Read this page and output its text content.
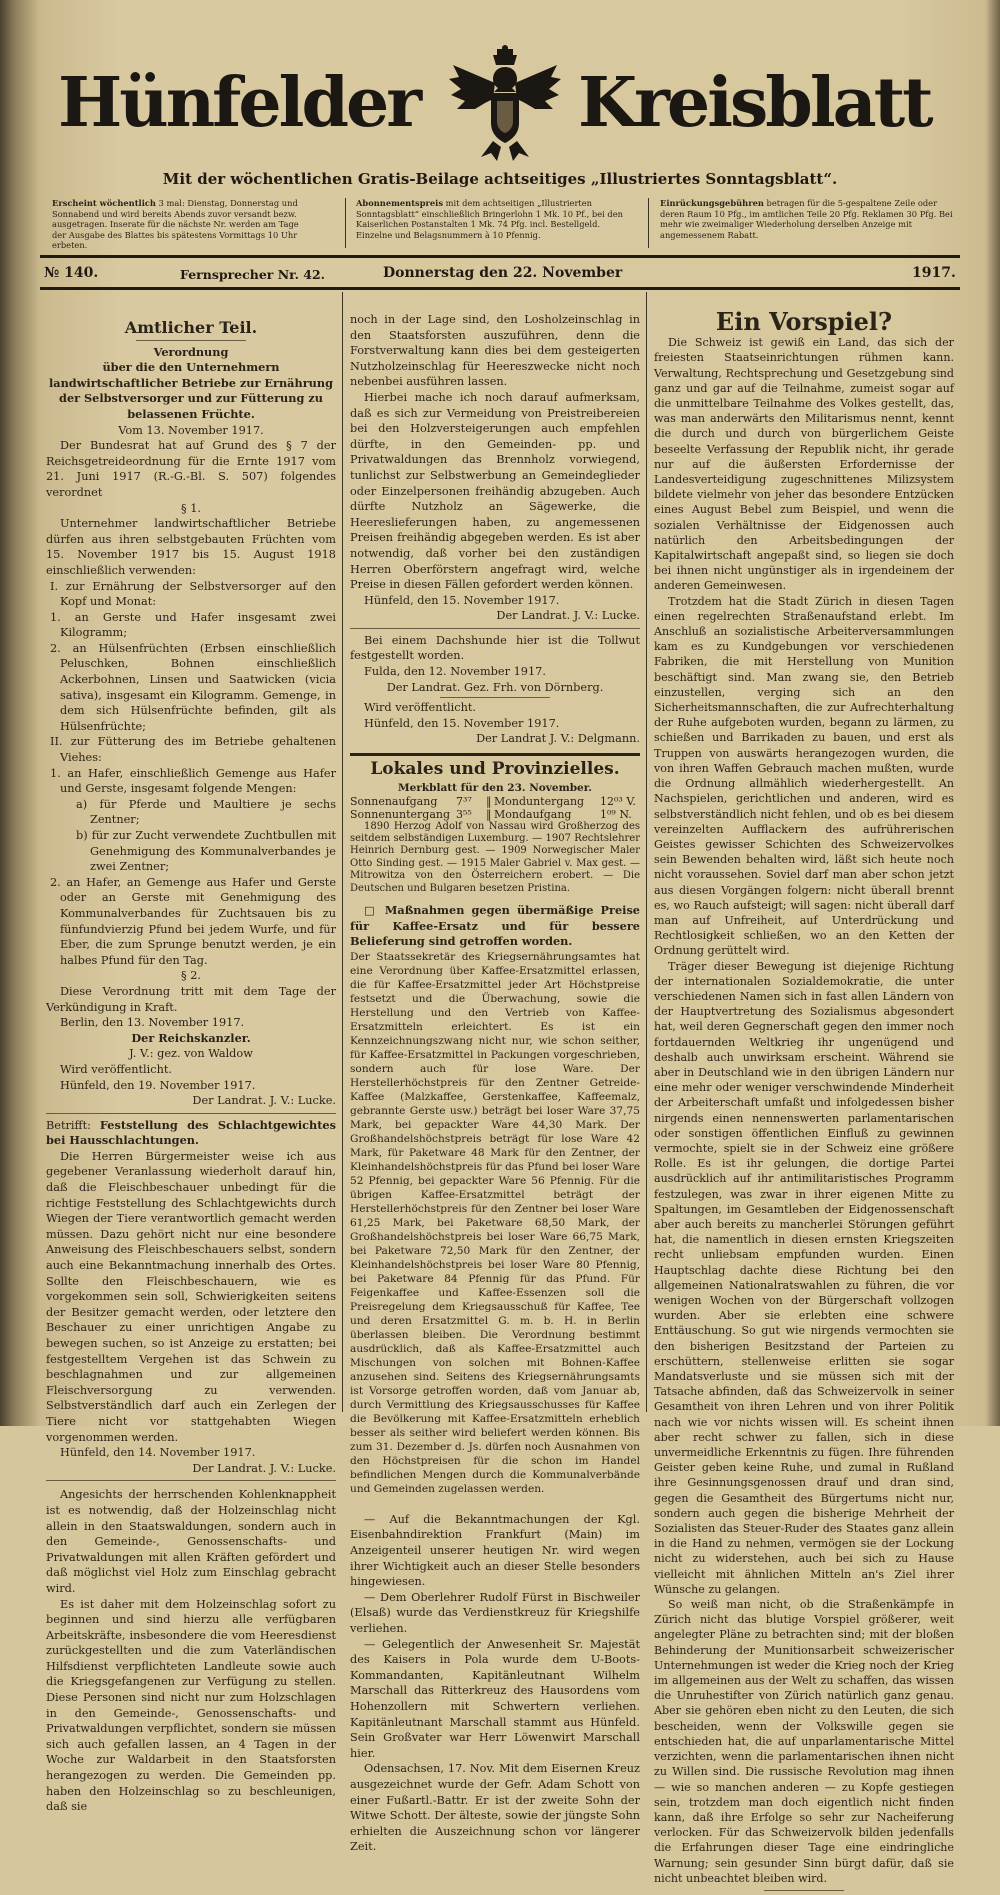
Hünfelder Kreisblatt
Mit der wöchentlichen Gratis-Beilage achtseitiges „Illustriertes Sonntagsblatt“.
Erscheint wöchentlich 3 mal: Dienstag, Donnerstag und Sonnabend und wird bereits Abends zuvor versandt bezw. ausgetragen. Inserate für die nächste Nr. werden am Tage der Ausgabe des Blattes bis spätestens Vormittags 10 Uhr erbeten.
Abonnementspreis mit dem achtseitigen „Illustrierten Sonntagsblatt“ einschließlich Bringerlohn 1 Mk. 10 Pf., bei den Kaiserlichen Postanstalten 1 Mk. 74 Pfg. incl. Bestellgeld. Einzelne und Belagsnummern à 10 Pfennig.
Einrückungsgebühren betragen für die 5-gespaltene Zeile oder deren Raum 10 Pfg., im amtlichen Teile 20 Pfg. Reklamen 30 Pfg. Bei mehr wie zweimaliger Wiederholung derselben Anzeige mit angemessenem Rabatt.
№ 140.	Fernsprecher Nr. 42.	Donnerstag den 22. November	1917.
Amtlicher Teil.

Verordnung

über die den Unternehmern landwirtschaftlicher Betriebe zur Ernährung der Selbstversorger und zur Fütterung zu belassenen Früchte.

Vom 13. November 1917.

Der Bundesrat hat auf Grund des § 7 der Reichsgetreideordnung für die Ernte 1917 vom 21. Juni 1917 (R.-G.-Bl. S. 507) folgendes verordnet

§ 1.

Unternehmer landwirtschaftlicher Betriebe dürfen aus ihren selbstgebauten Früchten vom 15. November 1917 bis 15. August 1918 einschließlich verwenden:

I. zur Ernährung der Selbstversorger auf den Kopf und Monat:

1. an Gerste und Hafer insgesamt zwei Kilogramm;

2. an Hülsenfrüchten (Erbsen einschließlich Peluschken, Bohnen einschließlich Ackerbohnen, Linsen und Saatwicken (vicia sativa), insgesamt ein Kilogramm. Gemenge, in dem sich Hülsenfrüchte befinden, gilt als Hülsenfrüchte;

II. zur Fütterung des im Betriebe gehaltenen Viehes:

1. an Hafer, einschließlich Gemenge aus Hafer und Gerste, insgesamt folgende Mengen:

a) für Pferde und Maultiere je sechs Zentner;

b) für zur Zucht verwendete Zuchtbullen mit Genehmigung des Kommunalverbandes je zwei Zentner;

2. an Hafer, an Gemenge aus Hafer und Gerste oder an Gerste mit Genehmigung des Kommunalverbandes für Zuchtsauen bis zu fünfundvierzig Pfund bei jedem Wurfe, und für Eber, die zum Sprunge benutzt werden, je ein halbes Pfund für den Tag.

§ 2.

Diese Verordnung tritt mit dem Tage der Verkündigung in Kraft.

Berlin, den 13. November 1917.

Der Reichskanzler.

J. V.: gez. von Waldow

Wird veröffentlicht.

Hünfeld, den 19. November 1917.

Der Landrat. J. V.: Lucke.

Betrifft: Feststellung des Schlachtgewichtes bei Hausschlachtungen.

Die Herren Bürgermeister weise ich aus gegebener Veranlassung wiederholt darauf hin, daß die Fleischbeschauer unbedingt für die richtige Feststellung des Schlachtgewichts durch Wiegen der Tiere verantwortlich gemacht werden müssen. Dazu gehört nicht nur eine besondere Anweisung des Fleischbeschauers selbst, sondern auch eine Bekanntmachung innerhalb des Ortes. Sollte den Fleischbeschauern, wie es vorgekommen sein soll, Schwierigkeiten seitens der Besitzer gemacht werden, oder letztere den Beschauer zu einer unrichtigen Angabe zu bewegen suchen, so ist Anzeige zu erstatten; bei festgestelltem Vergehen ist das Schwein zu beschlagnahmen und zur allgemeinen Fleischversorgung zu verwenden. Selbstverständlich darf auch ein Zerlegen der Tiere nicht vor stattgehabten Wiegen vorgenommen werden.

Hünfeld, den 14. November 1917.

Der Landrat. J. V.: Lucke.

Angesichts der herrschenden Kohlenknappheit ist es notwendig, daß der Holzeinschlag nicht allein in den Staatswaldungen, sondern auch in den Gemeinde-, Genossenschafts- und Privatwaldungen mit allen Kräften gefördert und daß möglichst viel Holz zum Einschlag gebracht wird.

Es ist daher mit dem Holzeinschlag sofort zu beginnen und sind hierzu alle verfügbaren Arbeitskräfte, insbesondere die vom Heeresdienst zurückgestellten und die zum Vaterländischen Hilfsdienst verpflichteten Landleute sowie auch die Kriegsgefangenen zur Verfügung zu stellen. Diese Personen sind nicht nur zum Holzschlagen in den Gemeinde-, Genossenschafts- und Privatwaldungen verpflichtet, sondern sie müssen sich auch gefallen lassen, an 4 Tagen in der Woche zur Waldarbeit in den Staatsforsten herangezogen zu werden. Die Gemeinden pp. haben den Holzeinschlag so zu beschleunigen, daß sie

noch in der Lage sind, den Losholzeinschlag in den Staatsforsten auszuführen, denn die Forstverwaltung kann dies bei dem gesteigerten Nutzholzeinschlag für Heereszwecke nicht noch nebenbei ausführen lassen.

Hierbei mache ich noch darauf aufmerksam, daß es sich zur Vermeidung von Preistreibereien bei den Holzversteigerungen auch empfehlen dürfte, in den Gemeinden- pp. und Privatwaldungen das Brennholz vorwiegend, tunlichst zur Selbstwerbung an Gemeindeglieder oder Einzelpersonen freihändig abzugeben. Auch dürfte Nutzholz an Sägewerke, die Heereslieferungen haben, zu angemessenen Preisen freihändig abgegeben werden. Es ist aber notwendig, daß vorher bei den zuständigen Herren Oberförstern angefragt wird, welche Preise in diesen Fällen gefordert werden können.

Hünfeld, den 15. November 1917.

Der Landrat. J. V.: Lucke.

Bei einem Dachshunde hier ist die Tollwut festgestellt worden.

Fulda, den 12. November 1917.

Der Landrat. Gez. Frh. von Dörnberg.

Wird veröffentlicht.

Hünfeld, den 15. November 1917.

Der Landrat J. V.: Delgmann.

Lokales und Provinzielles.

Merkblatt für den 23. November.

Sonnenaufgang	7³⁷	‖ Monduntergang	12⁰³ V.
Sonnenuntergang 3⁵⁵	‖ Mondaufgang	1⁰⁹ N.

1890 Herzog Adolf von Nassau wird Großherzog des seitdem selbständigen Luxemburg. — 1907 Rechtslehrer Heinrich Dernburg gest. — 1909 Norwegischer Maler Otto Sinding gest. — 1915 Maler Gabriel v. Max gest. — Mitrowitza von den Österreichern erobert. — Die Deutschen und Bulgaren besetzen Pristina.

□ Maßnahmen gegen übermäßige Preise für Kaffee-Ersatz und für bessere Belieferung sind getroffen worden.

Der Staatssekretär des Kriegsernährungsamtes hat eine Verordnung über Kaffee-Ersatzmittel erlassen, die für Kaffee-Ersatzmittel jeder Art Höchstpreise festsetzt und die Überwachung, sowie die Herstellung und den Vertrieb von Kaffee-Ersatzmitteln erleichtert. Es ist ein Kennzeichnungszwang nicht nur, wie schon seither, für Kaffee-Ersatzmittel in Packungen vorgeschrieben, sondern auch für lose Ware. Der Herstellerhöchstpreis für den Zentner Getreide-Kaffee (Malzkaffee, Gerstenkaffee, Kaffeemalz, gebrannte Gerste usw.) beträgt bei loser Ware 37,75 Mark, bei gepackter Ware 44,30 Mark. Der Großhandelshöchstpreis beträgt für lose Ware 42 Mark, für Paketware 48 Mark für den Zentner, der Kleinhandelshöchstpreis für das Pfund bei loser Ware 52 Pfennig, bei gepackter Ware 56 Pfennig. Für die übrigen Kaffee-Ersatzmittel beträgt der Herstellerhöchstpreis für den Zentner bei loser Ware 61,25 Mark, bei Paketware 68,50 Mark, der Großhandelshöchstpreis bei loser Ware 66,75 Mark, bei Paketware 72,50 Mark für den Zentner, der Kleinhandelshöchstpreis bei loser Ware 80 Pfennig, bei Paketware 84 Pfennig für das Pfund. Für Feigenkaffee und Kaffee-Essenzen soll die Preisregelung dem Kriegsausschuß für Kaffee, Tee und deren Ersatzmittel G. m. b. H. in Berlin überlassen bleiben. Die Verordnung bestimmt ausdrücklich, daß als Kaffee-Ersatzmittel auch Mischungen von solchen mit Bohnen-Kaffee anzusehen sind. Seitens des Kriegsernährungsamts ist Vorsorge getroffen worden, daß vom Januar ab, durch Vermittlung des Kriegsausschusses für Kaffee die Bevölkerung mit Kaffee-Ersatzmitteln erheblich besser als seither wird beliefert werden können. Bis zum 31. Dezember d. Js. dürfen noch Ausnahmen von den Höchstpreisen für die schon im Handel befindlichen Mengen durch die Kommunalverbände und Gemeinden zugelassen werden.

— Auf die Bekanntmachungen der Kgl. Eisenbahndirektion Frankfurt (Main) im Anzeigenteil unserer heutigen Nr. wird wegen ihrer Wichtigkeit auch an dieser Stelle besonders hingewiesen.

— Dem Oberlehrer Rudolf Fürst in Bischweiler (Elsaß) wurde das Verdienstkreuz für Kriegshilfe verliehen.

— Gelegentlich der Anwesenheit Sr. Majestät des Kaisers in Pola wurde dem U-Boots-Kommandanten, Kapitänleutnant Wilhelm Marschall das Ritterkreuz des Hausordens vom Hohenzollern mit Schwertern verliehen. Kapitänleutnant Marschall stammt aus Hünfeld. Sein Großvater war Herr Löwenwirt Marschall hier.

Odensachsen, 17. Nov. Mit dem Eisernen Kreuz ausgezeichnet wurde der Gefr. Adam Schott von einer Fußartl.-Battr. Er ist der zweite Sohn der Witwe Schott. Der älteste, sowie der jüngste Sohn erhielten die Auszeichnung schon vor längerer Zeit.

Ein Vorspiel?

Die Schweiz ist gewiß ein Land, das sich der freiesten Staatseinrichtungen rühmen kann. Verwaltung, Rechtsprechung und Gesetzgebung sind ganz und gar auf die Teilnahme, zumeist sogar auf die unmittelbare Teilnahme des Volkes gestellt, das, was man anderwärts den Militarismus nennt, kennt die durch und durch von bürgerlichem Geiste beseelte Verfassung der Republik nicht, ihr gerade nur auf die äußersten Erfordernisse der Landesverteidigung zugeschnittenes Milizsystem bildete vielmehr von jeher das besondere Entzücken eines August Bebel zum Beispiel, und wenn die sozialen Verhältnisse der Eidgenossen auch natürlich den Arbeitsbedingungen der Kapitalwirtschaft angepaßt sind, so liegen sie doch bei ihnen nicht ungünstiger als in irgendeinem der anderen Gemeinwesen.

Trotzdem hat die Stadt Zürich in diesen Tagen einen regelrechten Straßenaufstand erlebt. Im Anschluß an sozialistische Arbeiterversammlungen kam es zu Kundgebungen vor verschiedenen Fabriken, die mit Herstellung von Munition beschäftigt sind. Man zwang sie, den Betrieb einzustellen, verging sich an den Sicherheitsmannschaften, die zur Aufrechterhaltung der Ruhe aufgeboten wurden, begann zu lärmen, zu schießen und Barrikaden zu bauen, und erst als Truppen von auswärts herangezogen wurden, die von ihren Waffen Gebrauch machen mußten, wurde die Ordnung allmählich wiederhergestellt. An Nachspielen, gerichtlichen und anderen, wird es selbstverständlich nicht fehlen, und ob es bei diesem vereinzelten Aufflackern des aufrührerischen Geistes gewisser Schichten des Schweizervolkes sein Bewenden behalten wird, läßt sich heute noch nicht voraussehen. Soviel darf man aber schon jetzt aus diesen Vorgängen folgern: nicht überall brennt es, wo Rauch aufsteigt; will sagen: nicht überall darf man auf Unfreiheit, auf Unterdrückung und Rechtlosigkeit schließen, wo an den Ketten der Ordnung gerüttelt wird.

Träger dieser Bewegung ist diejenige Richtung der internationalen Sozialdemokratie, die unter verschiedenen Namen sich in fast allen Ländern von der Hauptvertretung des Sozialismus abgesondert hat, weil deren Gegnerschaft gegen den immer noch fortdauernden Weltkrieg ihr ungenügend und deshalb auch unwirksam erscheint. Während sie aber in Deutschland wie in den übrigen Ländern nur eine mehr oder weniger verschwindende Minderheit der Arbeiterschaft umfaßt und infolgedessen bisher nirgends einen nennenswerten parlamentarischen oder sonstigen öffentlichen Einfluß zu gewinnen vermochte, spielt sie in der Schweiz eine größere Rolle. Es ist ihr gelungen, die dortige Partei ausdrücklich auf ihr antimilitaristisches Programm festzulegen, was zwar in ihrer eigenen Mitte zu Spaltungen, im Gesamtleben der Eidgenossenschaft aber auch bereits zu mancherlei Störungen geführt hat, die namentlich in diesen ernsten Kriegszeiten recht unliebsam empfunden wurden. Einen Hauptschlag dachte diese Richtung bei den allgemeinen Nationalratswahlen zu führen, die vor wenigen Wochen von der Bürgerschaft vollzogen wurden. Aber sie erlebten eine schwere Enttäuschung. So gut wie nirgends vermochten sie den bisherigen Besitzstand der Parteien zu erschüttern, stellenweise erlitten sie sogar Mandatsverluste und sie müssen sich mit der Tatsache abfinden, daß das Schweizervolk in seiner Gesamtheit von ihren Lehren und von ihrer Politik nach wie vor nichts wissen will. Es scheint ihnen aber recht schwer zu fallen, sich in diese unvermeidliche Erkenntnis zu fügen. Ihre führenden Geister geben keine Ruhe, und zumal in Rußland ihre Gesinnungsgenossen drauf und dran sind, gegen die Gesamtheit des Bürgertums nicht nur, sondern auch gegen die bisherige Mehrheit der Sozialisten das Steuer-Ruder des Staates ganz allein in die Hand zu nehmen, vermögen sie der Lockung nicht zu widerstehen, auch bei sich zu Hause vielleicht mit ähnlichen Mitteln an's Ziel ihrer Wünsche zu gelangen.

So weiß man nicht, ob die Straßenkämpfe in Zürich nicht das blutige Vorspiel größerer, weit angelegter Pläne zu betrachten sind; mit der bloßen Behinderung der Munitionsarbeit schweizerischer Unternehmungen ist weder die Krieg noch der Krieg im allgemeinen aus der Welt zu schaffen, das wissen die Unruhestifter von Zürich natürlich ganz genau. Aber sie gehören eben nicht zu den Leuten, die sich bescheiden, wenn der Volkswille gegen sie entschieden hat, die auf unparlamentarische Mittel verzichten, wenn die parlamentarischen ihnen nicht zu Willen sind. Die russische Revolution mag ihnen — wie so manchen anderen — zu Kopfe gestiegen sein, trotzdem man doch eigentlich nicht finden kann, daß ihre Erfolge so sehr zur Nacheiferung verlocken. Für das Schweizervolk bilden jedenfalls die Erfahrungen dieser Tage eine eindringliche Warnung; sein gesunder Sinn bürgt dafür, daß sie nicht unbeachtet bleiben wird.
